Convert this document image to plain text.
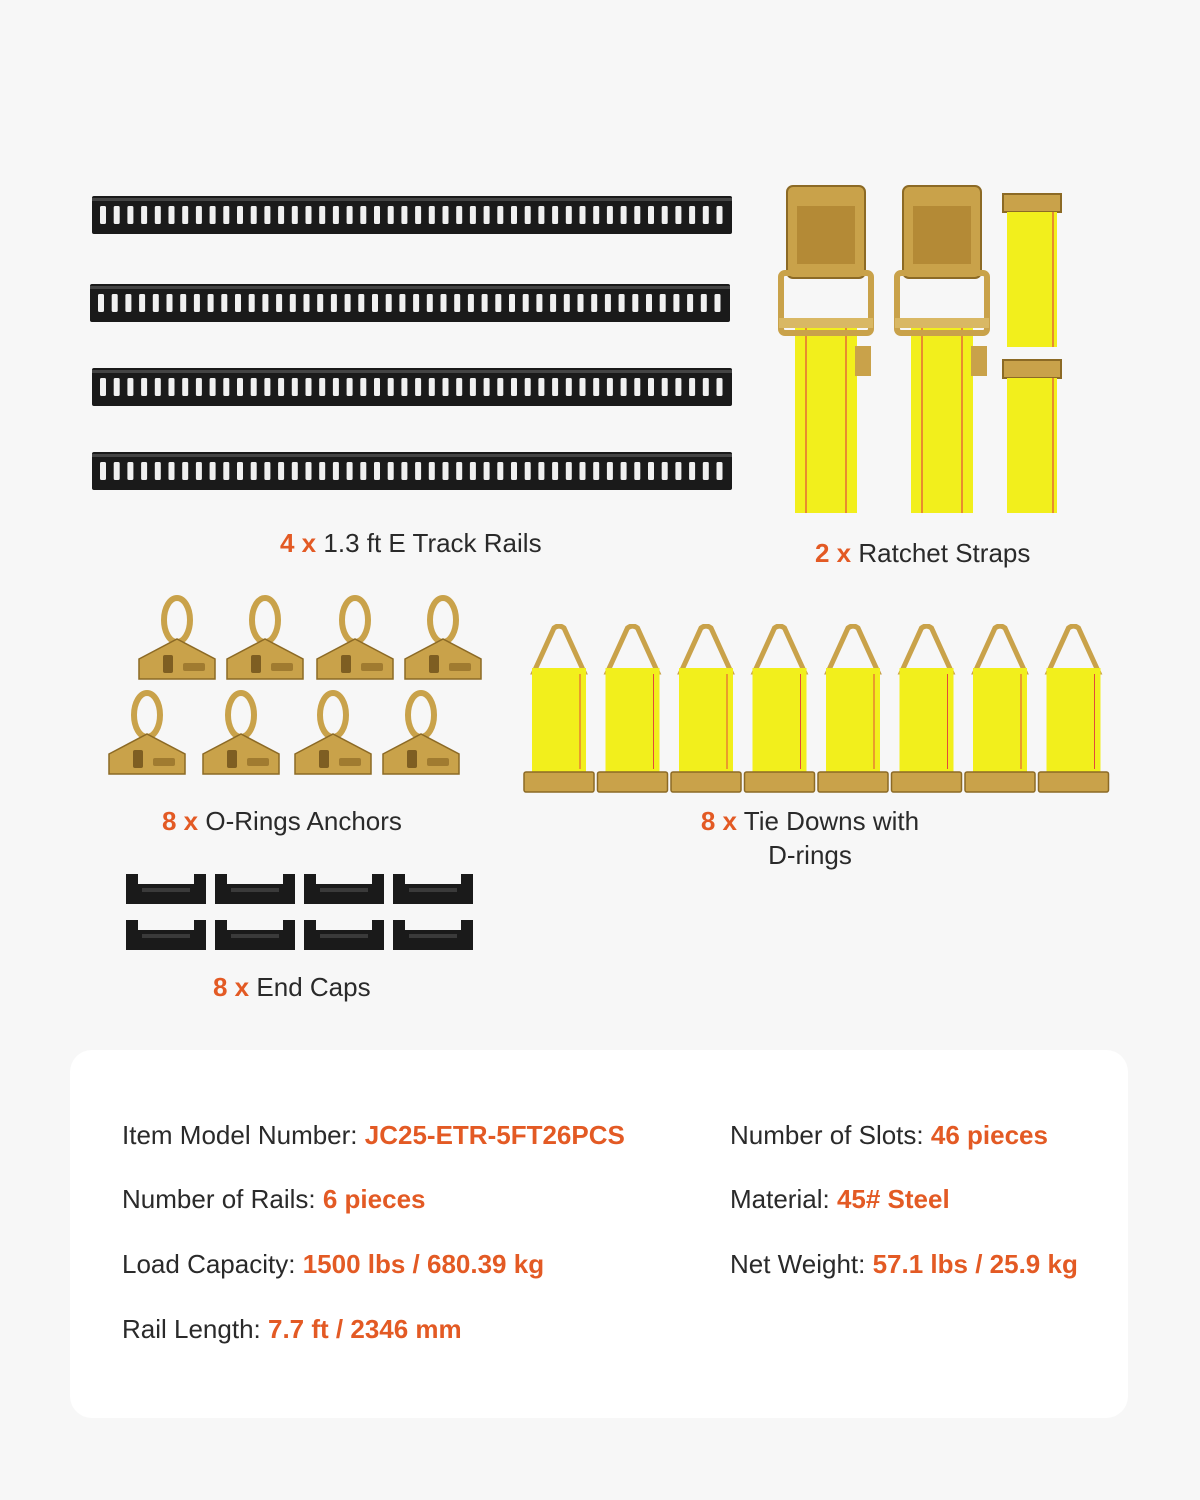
4 x 1.3 ft E Track Rails	2 x Ratchet Straps
8 x O-Rings Anchors	8 x Tie Downs with
D-rings
8 x End Caps
Item Model Number: JC25-ETR-5FT26PCS	Number of Slots: 46 pieces
Number of Rails: 6 pieces	Material: 45# Steel
Load Capacity: 1500 lbs / 680.39 kg	Net Weight: 57.1 lbs / 25.9 kg
Rail Length: 7.7 ft / 2346 mm
